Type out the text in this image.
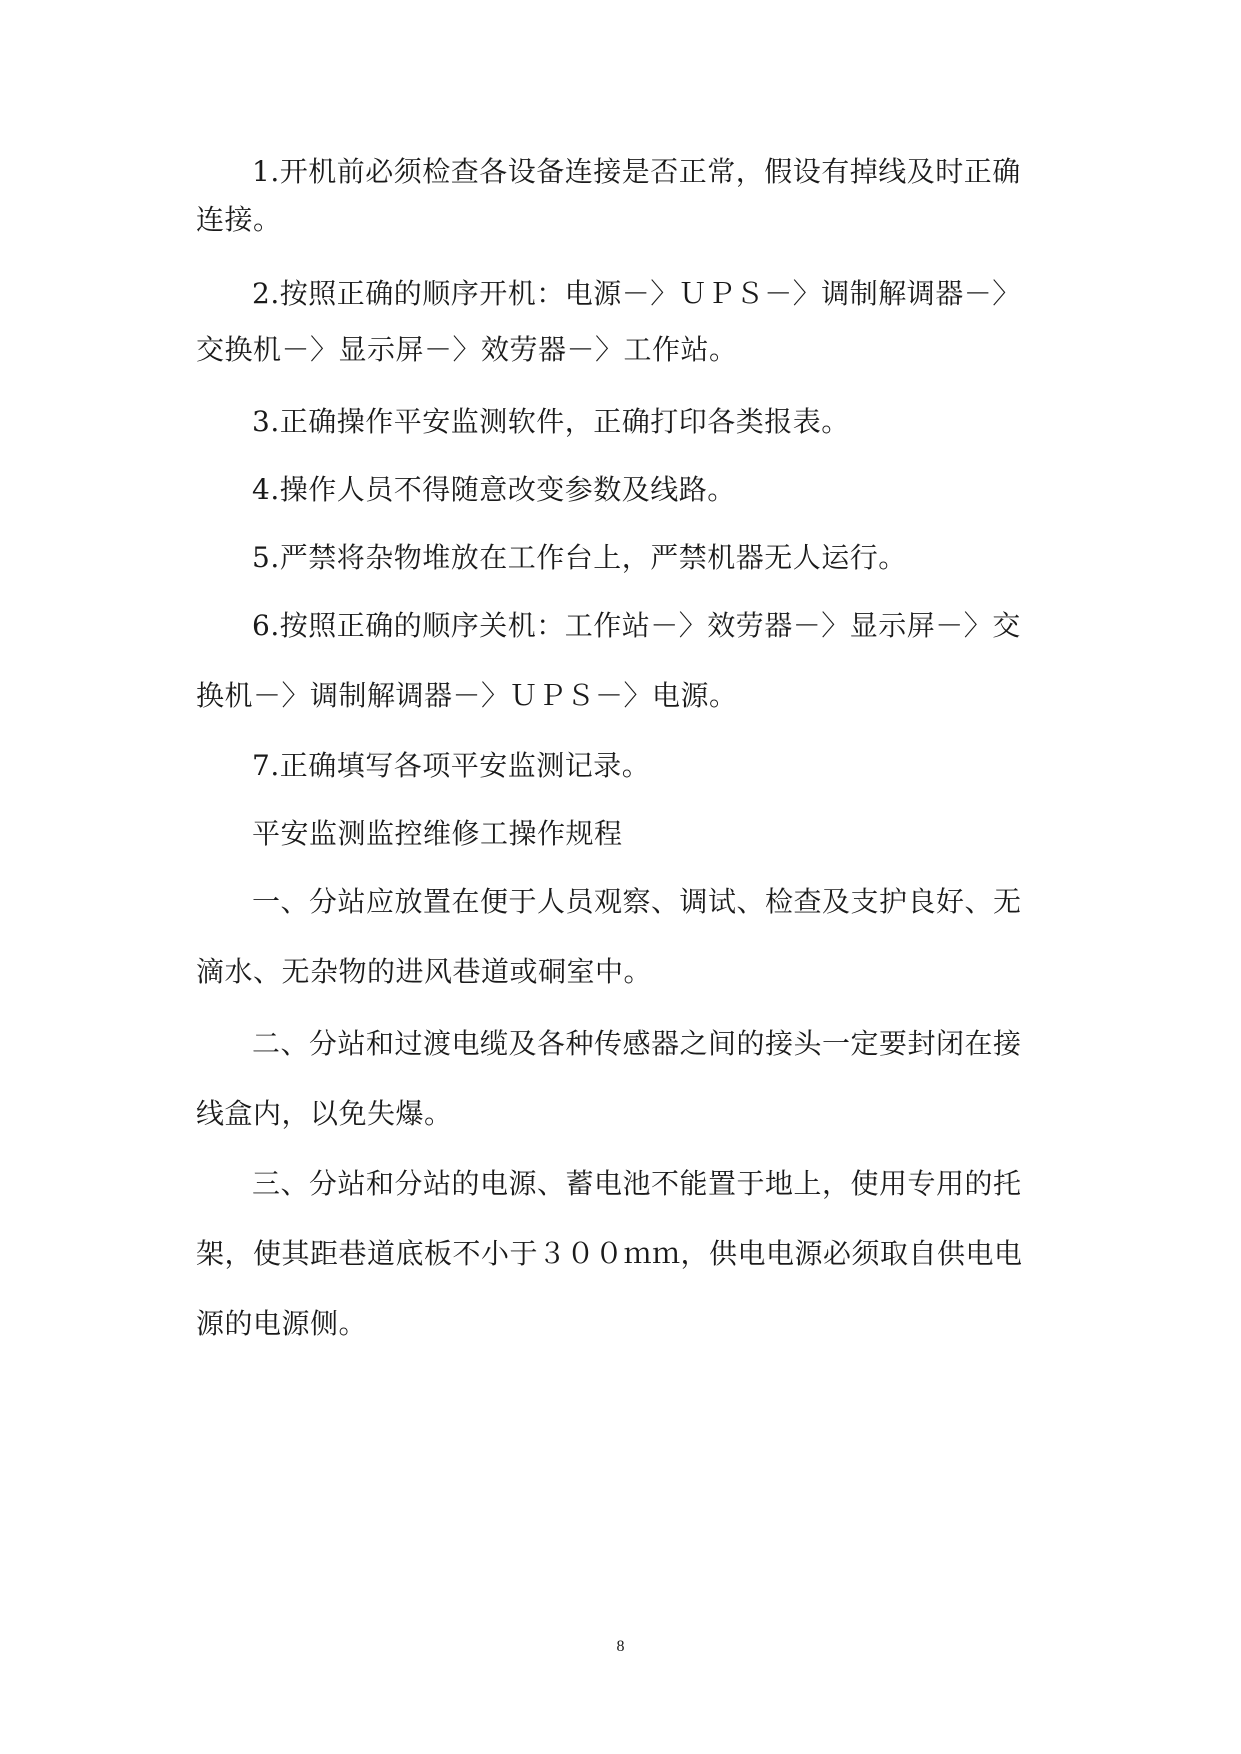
1.开机前必须检查各设备连接是否正常，假设有掉线及时正确
连接。
2.按照正确的顺序开机：电源－〉ＵＰＳ－〉调制解调器－〉
交换机－〉显示屏－〉效劳器－〉工作站。
3.正确操作平安监测软件，正确打印各类报表。
4.操作人员不得随意改变参数及线路。
5.严禁将杂物堆放在工作台上，严禁机器无人运行。
6.按照正确的顺序关机：工作站－〉效劳器－〉显示屏－〉交
换机－〉调制解调器－〉ＵＰＳ－〉电源。
7.正确填写各项平安监测记录。
平安监测监控维修工操作规程
一、分站应放置在便于人员观察、调试、检查及支护良好、无
滴水、无杂物的进风巷道或硐室中。
二、分站和过渡电缆及各种传感器之间的接头一定要封闭在接
线盒内，以免失爆。
三、分站和分站的电源、蓄电池不能置于地上，使用专用的托
架，使其距巷道底板不小于３００ｍｍ，供电电源必须取自供电电
源的电源侧。
8
